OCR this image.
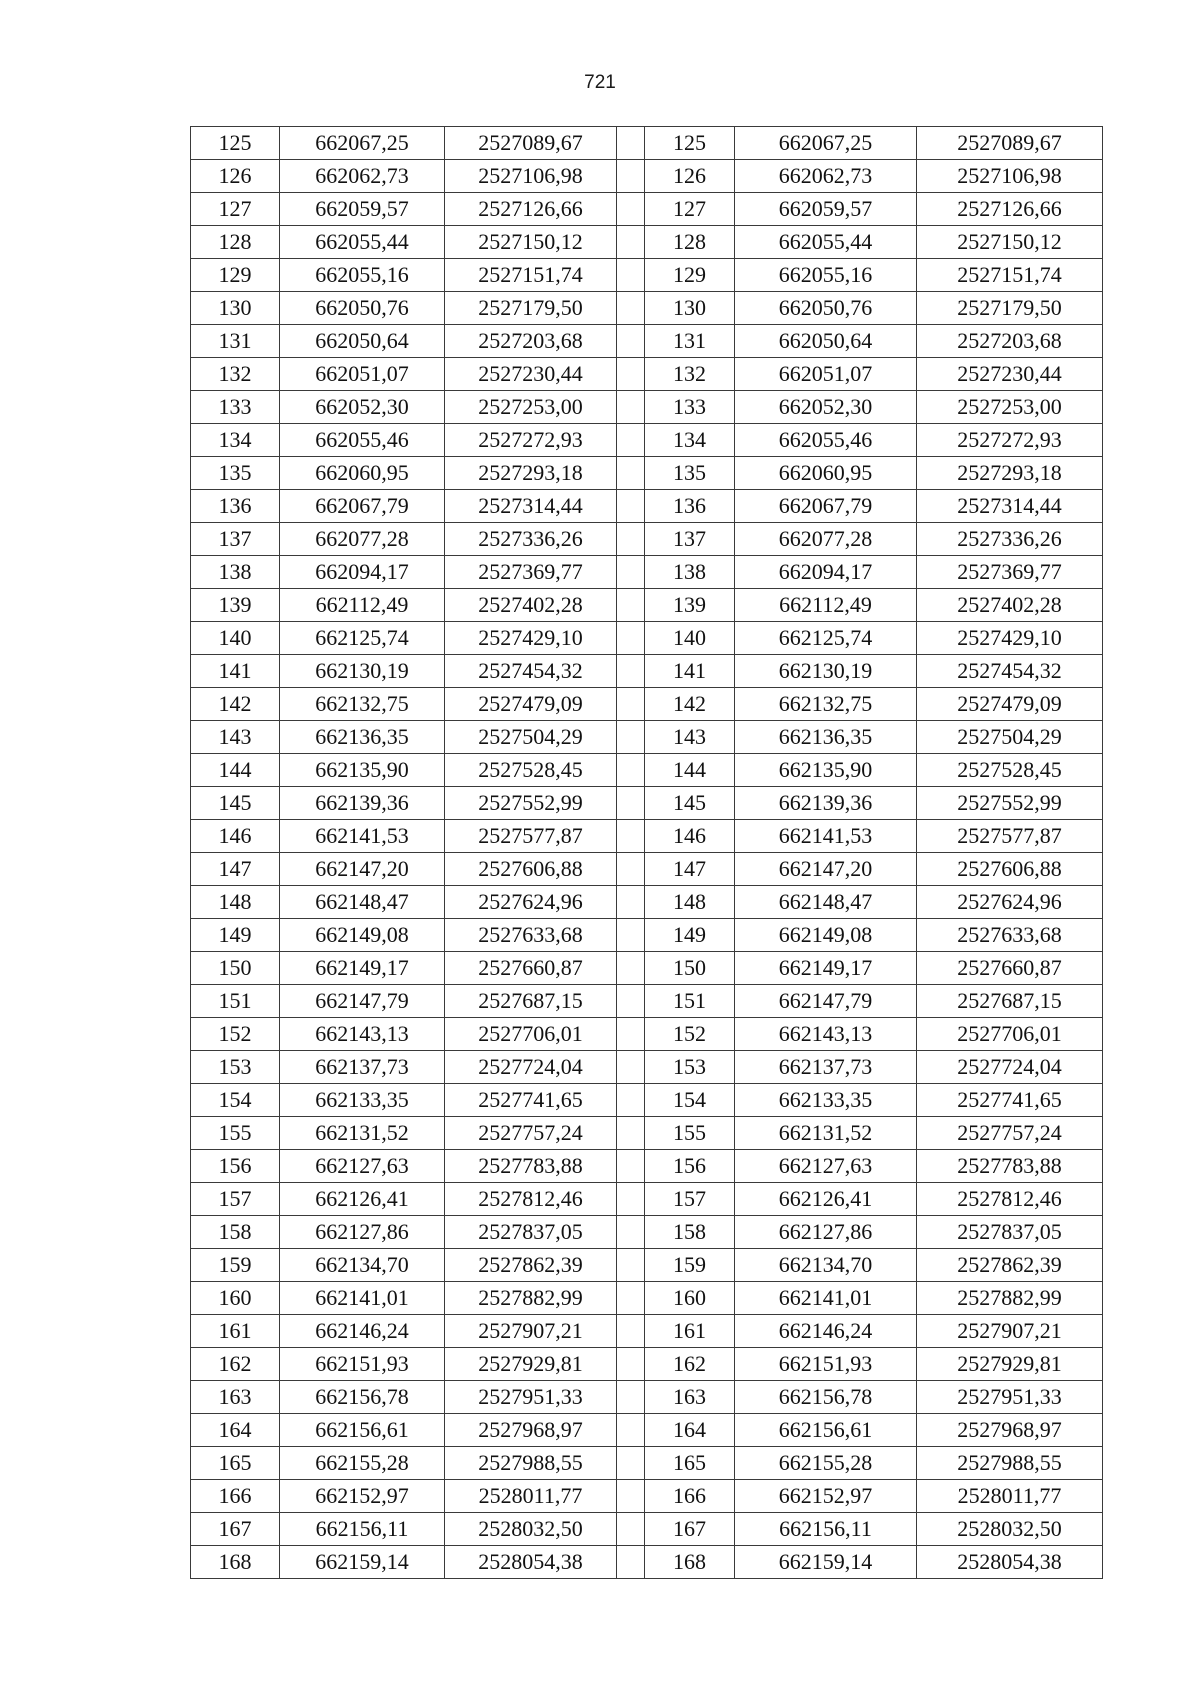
721
125	662067,25	2527089,67		125	662067,25	2527089,67
126	662062,73	2527106,98		126	662062,73	2527106,98
127	662059,57	2527126,66		127	662059,57	2527126,66
128	662055,44	2527150,12		128	662055,44	2527150,12
129	662055,16	2527151,74		129	662055,16	2527151,74
130	662050,76	2527179,50		130	662050,76	2527179,50
131	662050,64	2527203,68		131	662050,64	2527203,68
132	662051,07	2527230,44		132	662051,07	2527230,44
133	662052,30	2527253,00		133	662052,30	2527253,00
134	662055,46	2527272,93		134	662055,46	2527272,93
135	662060,95	2527293,18		135	662060,95	2527293,18
136	662067,79	2527314,44		136	662067,79	2527314,44
137	662077,28	2527336,26		137	662077,28	2527336,26
138	662094,17	2527369,77		138	662094,17	2527369,77
139	662112,49	2527402,28		139	662112,49	2527402,28
140	662125,74	2527429,10		140	662125,74	2527429,10
141	662130,19	2527454,32		141	662130,19	2527454,32
142	662132,75	2527479,09		142	662132,75	2527479,09
143	662136,35	2527504,29		143	662136,35	2527504,29
144	662135,90	2527528,45		144	662135,90	2527528,45
145	662139,36	2527552,99		145	662139,36	2527552,99
146	662141,53	2527577,87		146	662141,53	2527577,87
147	662147,20	2527606,88		147	662147,20	2527606,88
148	662148,47	2527624,96		148	662148,47	2527624,96
149	662149,08	2527633,68		149	662149,08	2527633,68
150	662149,17	2527660,87		150	662149,17	2527660,87
151	662147,79	2527687,15		151	662147,79	2527687,15
152	662143,13	2527706,01		152	662143,13	2527706,01
153	662137,73	2527724,04		153	662137,73	2527724,04
154	662133,35	2527741,65		154	662133,35	2527741,65
155	662131,52	2527757,24		155	662131,52	2527757,24
156	662127,63	2527783,88		156	662127,63	2527783,88
157	662126,41	2527812,46		157	662126,41	2527812,46
158	662127,86	2527837,05		158	662127,86	2527837,05
159	662134,70	2527862,39		159	662134,70	2527862,39
160	662141,01	2527882,99		160	662141,01	2527882,99
161	662146,24	2527907,21		161	662146,24	2527907,21
162	662151,93	2527929,81		162	662151,93	2527929,81
163	662156,78	2527951,33		163	662156,78	2527951,33
164	662156,61	2527968,97		164	662156,61	2527968,97
165	662155,28	2527988,55		165	662155,28	2527988,55
166	662152,97	2528011,77		166	662152,97	2528011,77
167	662156,11	2528032,50		167	662156,11	2528032,50
168	662159,14	2528054,38		168	662159,14	2528054,38
